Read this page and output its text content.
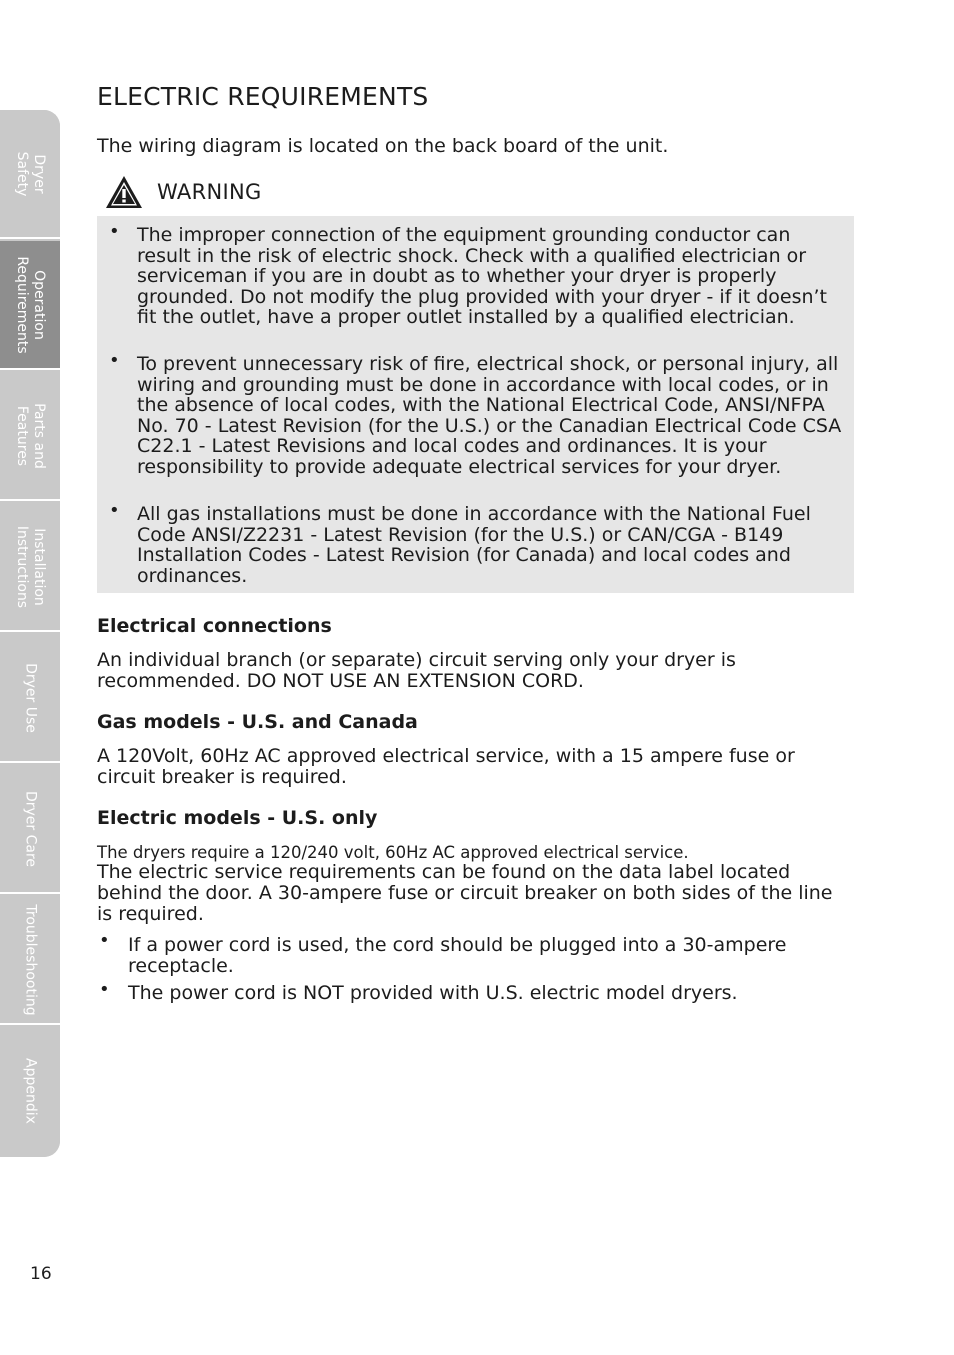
Dryer
Safety
Operation
Requirements
Parts and
Features
Installation
Instructions
Dryer Use
Dryer Care
Troubleshooting
Appendix
ELECTRIC REQUIREMENTS

The wiring diagram is located on the back board of the unit.

WARNING
• The improper connection of the equipment grounding conductor can result in the risk of electric shock. Check with a qualified electrician or serviceman if you are in doubt as to whether your dryer is properly grounded. Do not modify the plug provided with your dryer - if it doesn’t fit the outlet, have a proper outlet installed by a qualified electrician.
• To prevent unnecessary risk of fire, electrical shock, or personal injury, all wiring and grounding must be done in accordance with local codes, or in the absence of local codes, with the National Electrical Code, ANSI/NFPA No. 70 - Latest Revision (for the U.S.) or the Canadian Electrical Code CSA C22.1 - Latest Revisions and local codes and ordinances. It is your responsibility to provide adequate electrical services for your dryer.
• All gas installations must be done in accordance with the National Fuel Code ANSI/Z2231 - Latest Revision (for the U.S.) or CAN/CGA - B149 Installation Codes - Latest Revision (for Canada) and local codes and ordinances.
Electrical connections

An individual branch (or separate) circuit serving only your dryer is recommended. DO NOT USE AN EXTENSION CORD.

Gas models - U.S. and Canada

A 120Volt, 60Hz AC approved electrical service, with a 15 ampere fuse or circuit breaker is required.

Electric models - U.S. only

The dryers require a 120/240 volt, 60Hz AC approved electrical service.

The electric service requirements can be found on the data label located behind the door. A 30-ampere fuse or circuit breaker on both sides of the line is required.

• If a power cord is used, the cord should be plugged into a 30-ampere receptacle.
• The power cord is NOT provided with U.S. electric model dryers.
16
